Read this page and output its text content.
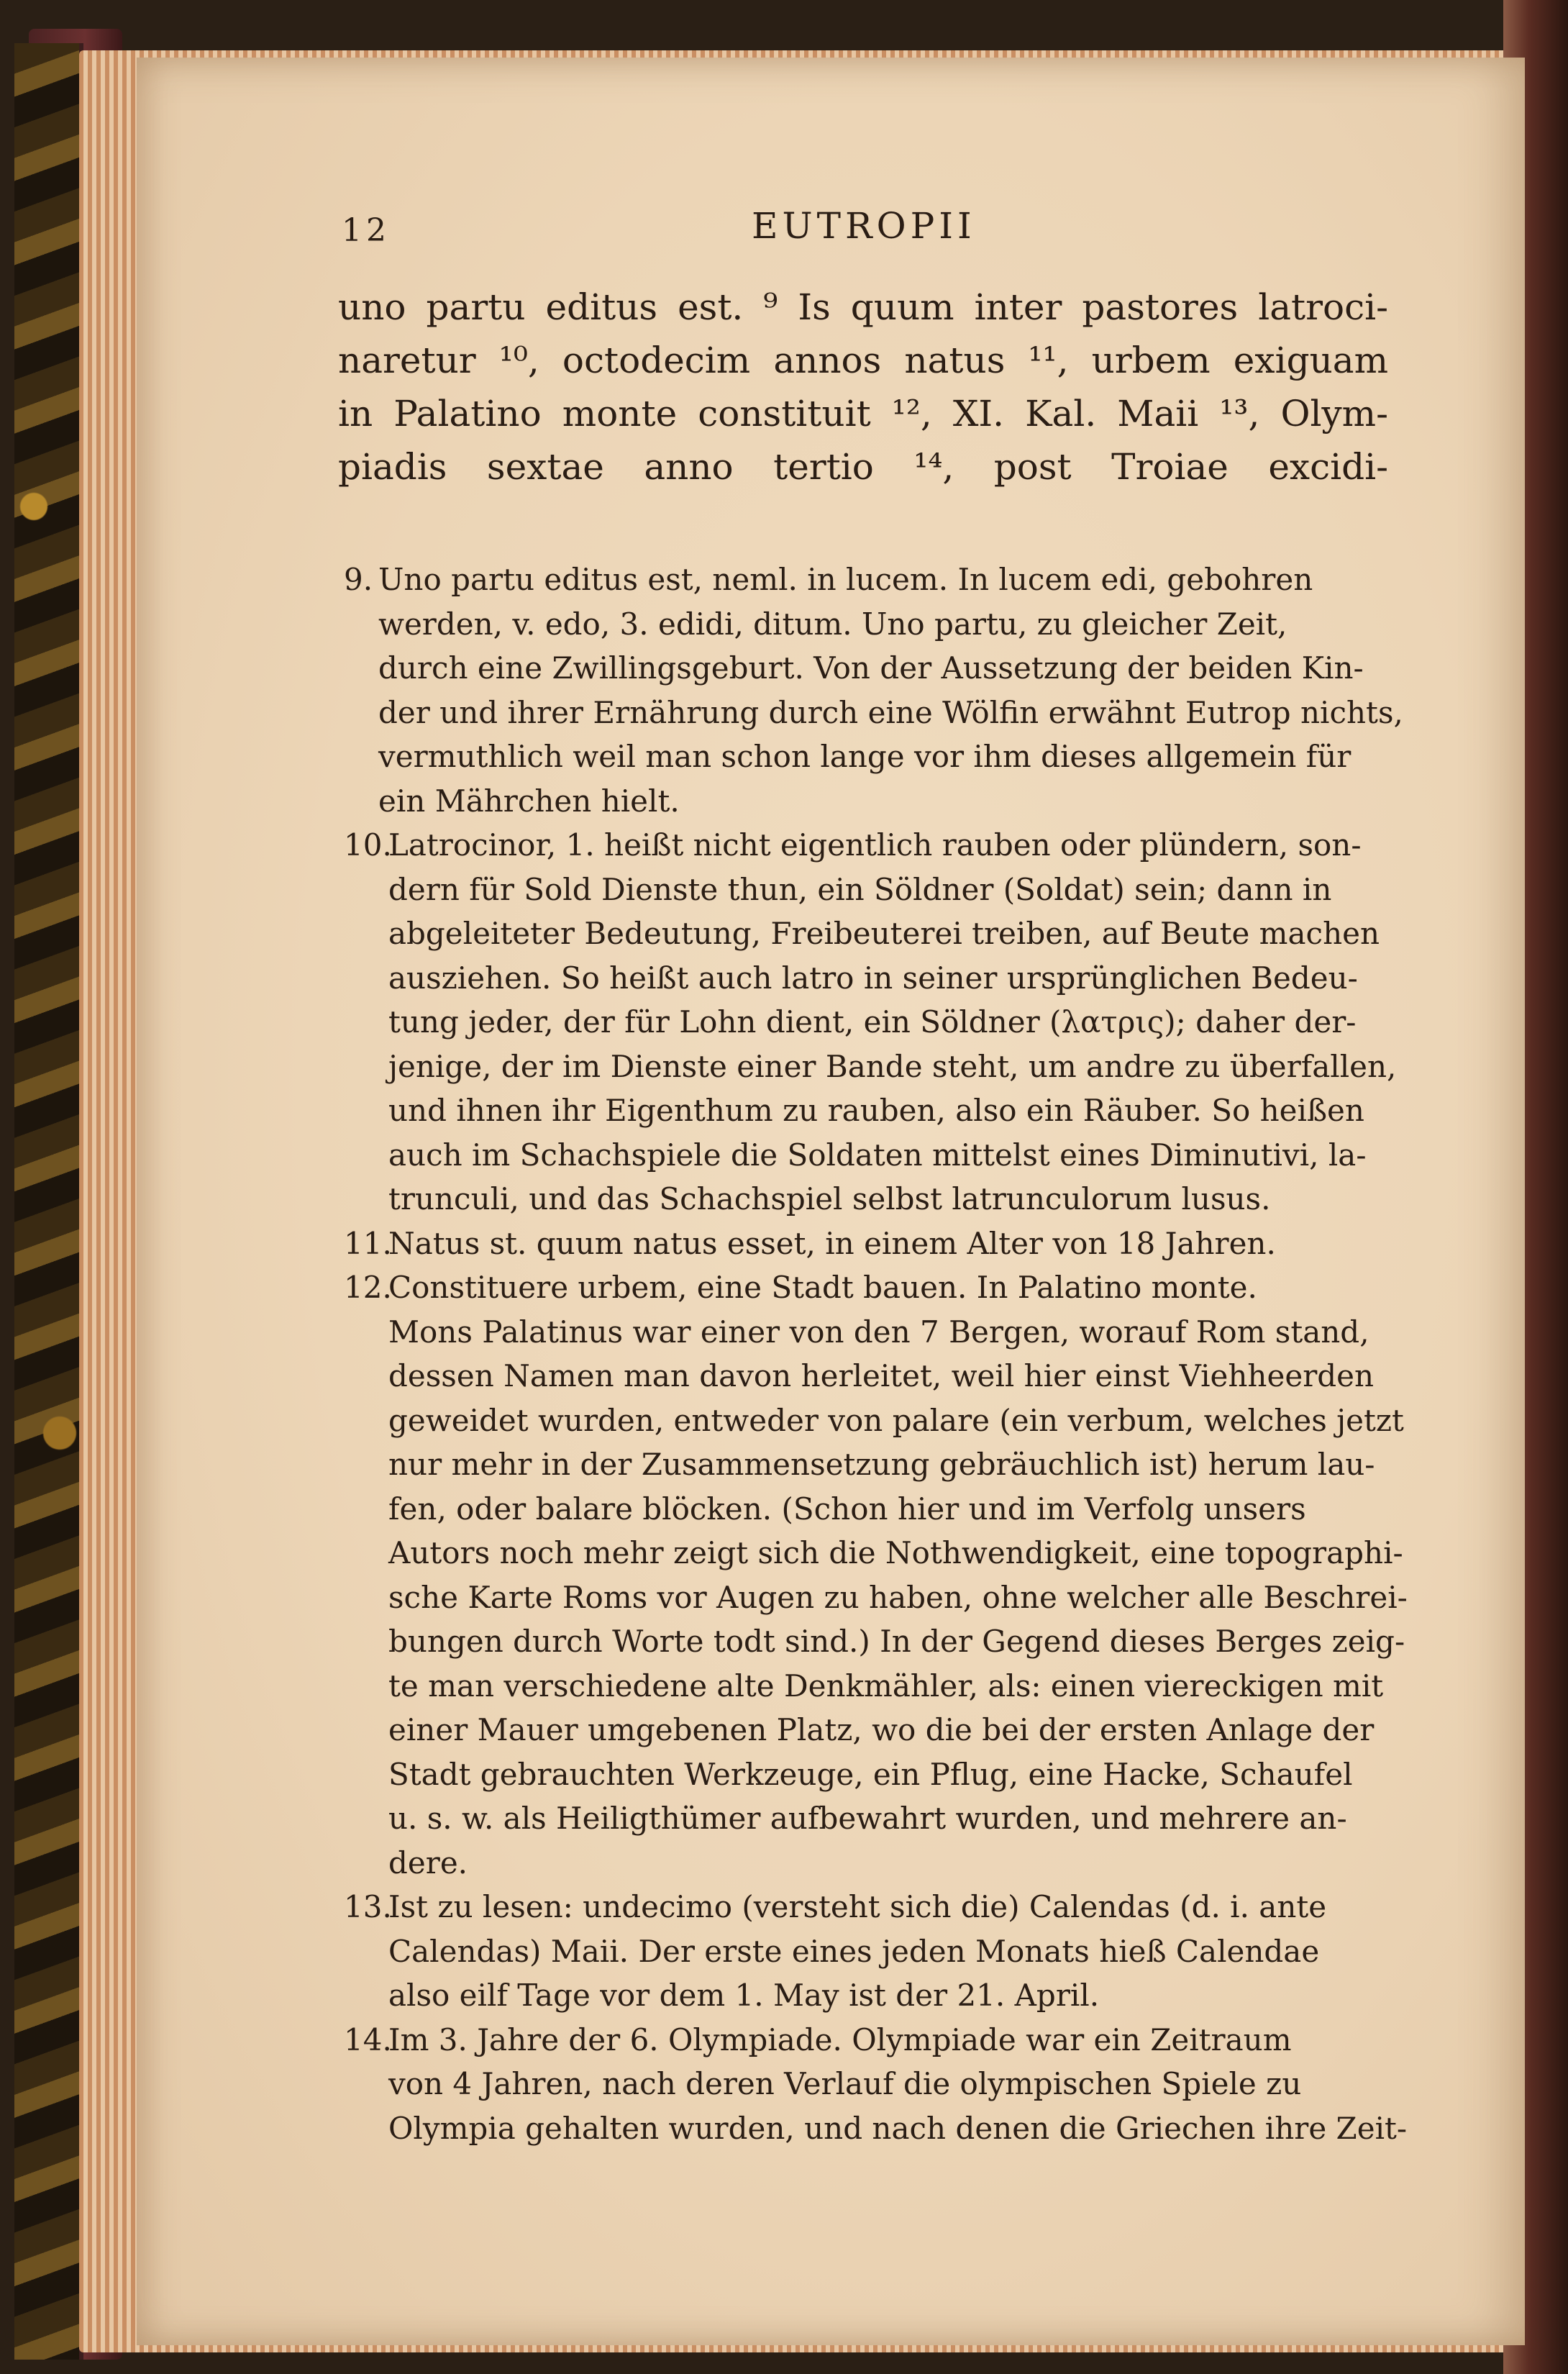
12	EUTROPII
uno partu editus est. ⁹ Is quum inter pastores latroci-
naretur ¹⁰, octodecim annos natus ¹¹, urbem exiguam
in Palatino monte constituit ¹², XI. Kal. Maii ¹³, Olym-
piadis sextae anno tertio ¹⁴, post Troiae excidi-
9. Uno partu editus est, neml. in lucem. In lucem edi, gebohren
werden, v. edo, 3. edidi, ditum. Uno partu, zu gleicher Zeit,
durch eine Zwillingsgeburt. Von der Aussetzung der beiden Kin-
der und ihrer Ernährung durch eine Wölfin erwähnt Eutrop nichts,
vermuthlich weil man schon lange vor ihm dieses allgemein für
ein Mährchen hielt.
10.Latrocinor, 1. heißt nicht eigentlich rauben oder plündern, son-
dern für Sold Dienste thun, ein Söldner (Soldat) sein; dann in
abgeleiteter Bedeutung, Freibeuterei treiben, auf Beute machen
ausziehen. So heißt auch latro in seiner ursprünglichen Bedeu-
tung jeder, der für Lohn dient, ein Söldner (λατρις); daher der-
jenige, der im Dienste einer Bande steht, um andre zu überfallen,
und ihnen ihr Eigenthum zu rauben, also ein Räuber. So heißen
auch im Schachspiele die Soldaten mittelst eines Diminutivi, la-
trunculi, und das Schachspiel selbst latrunculorum lusus.
11.Natus st. quum natus esset, in einem Alter von 18 Jahren.
12.Constituere urbem, eine Stadt bauen. In Palatino monte.
Mons Palatinus war einer von den 7 Bergen, worauf Rom stand,
dessen Namen man davon herleitet, weil hier einst Viehheerden
geweidet wurden, entweder von palare (ein verbum, welches jetzt
nur mehr in der Zusammensetzung gebräuchlich ist) herum lau-
fen, oder balare blöcken. (Schon hier und im Verfolg unsers
Autors noch mehr zeigt sich die Nothwendigkeit, eine topographi-
sche Karte Roms vor Augen zu haben, ohne welcher alle Beschrei-
bungen durch Worte todt sind.) In der Gegend dieses Berges zeig-
te man verschiedene alte Denkmähler, als: einen viereckigen mit
einer Mauer umgebenen Platz, wo die bei der ersten Anlage der
Stadt gebrauchten Werkzeuge, ein Pflug, eine Hacke, Schaufel
u. s. w. als Heiligthümer aufbewahrt wurden, und mehrere an-
dere.
13.Ist zu lesen: undecimo (versteht sich die) Calendas (d. i. ante
Calendas) Maii. Der erste eines jeden Monats hieß Calendae
also eilf Tage vor dem 1. May ist der 21. April.
14.Im 3. Jahre der 6. Olympiade. Olympiade war ein Zeitraum
von 4 Jahren, nach deren Verlauf die olympischen Spiele zu
Olympia gehalten wurden, und nach denen die Griechen ihre Zeit-
